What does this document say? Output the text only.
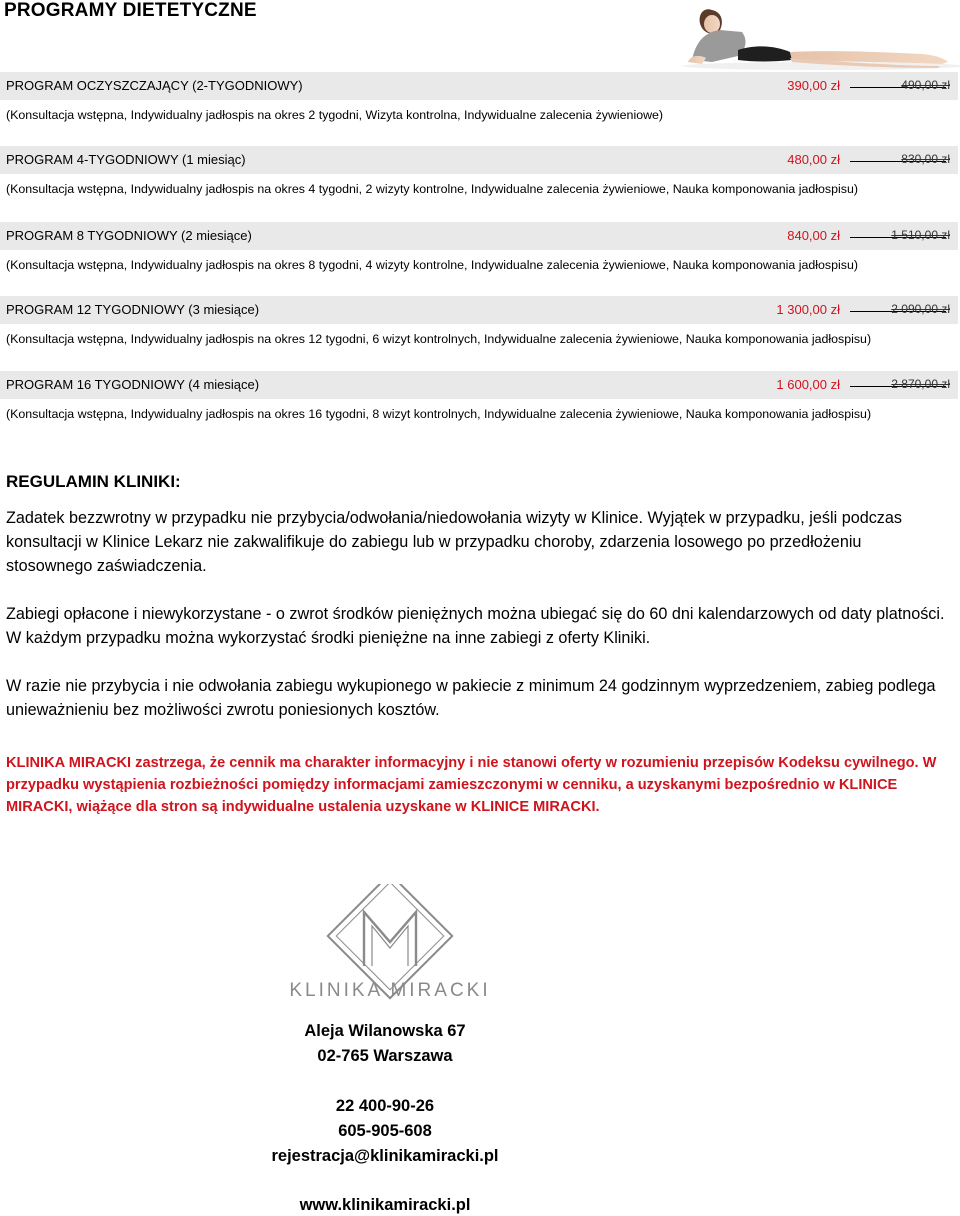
PROGRAMY DIETETYCZNE
PROGRAM OCZYSZCZAJĄCY (2-TYGODNIOWY)	390,00 zł	490,00 zł
(Konsultacja wstępna, Indywidualny jadłospis na okres 2 tygodni, Wizyta kontrolna, Indywidualne zalecenia żywieniowe)
PROGRAM 4-TYGODNIOWY (1 miesiąc)	480,00 zł	830,00 zł
(Konsultacja wstępna, Indywidualny jadłospis na okres 4 tygodni, 2 wizyty kontrolne, Indywidualne zalecenia żywieniowe, Nauka komponowania jadłospisu)
PROGRAM 8 TYGODNIOWY (2 miesiące)	840,00 zł	1 510,00 zł
(Konsultacja wstępna, Indywidualny jadłospis na okres 8 tygodni, 4 wizyty kontrolne, Indywidualne zalecenia żywieniowe, Nauka komponowania jadłospisu)
PROGRAM 12 TYGODNIOWY (3 miesiące)	1 300,00 zł	2 090,00 zł
(Konsultacja wstępna, Indywidualny jadłospis na okres 12 tygodni, 6 wizyt kontrolnych, Indywidualne zalecenia żywieniowe, Nauka komponowania jadłospisu)
PROGRAM 16 TYGODNIOWY (4 miesiące)	1 600,00 zł	2 870,00 zł
(Konsultacja wstępna, Indywidualny jadłospis na okres 16 tygodni, 8 wizyt kontrolnych, Indywidualne zalecenia żywieniowe, Nauka komponowania jadłospisu)
REGULAMIN KLINIKI:
Zadatek bezzwrotny w przypadku nie przybycia/odwołania/niedowołania wizyty w Klinice. Wyjątek w przypadku, jeśli podczas konsultacji w Klinice Lekarz nie zakwalifikuje do zabiegu lub w przypadku choroby, zdarzenia losowego po przedłożeniu stosownego zaświadczenia.
Zabiegi opłacone i niewykorzystane - o zwrot środków pieniężnych można ubiegać się do 60 dni kalendarzowych od daty platności. W każdym przypadku można wykorzystać środki pieniężne na inne zabiegi z oferty Kliniki.
W razie nie przybycia i nie odwołania zabiegu wykupionego w pakiecie z minimum 24 godzinnym wyprzedzeniem, zabieg podlega unieważnieniu bez możliwości zwrotu poniesionych kosztów.
KLINIKA MIRACKI zastrzega, że cennik ma charakter informacyjny i nie stanowi oferty w rozumieniu przepisów Kodeksu cywilnego. W przypadku wystąpienia rozbieżności pomiędzy informacjami zamieszczonymi w cenniku, a uzyskanymi bezpośrednio w KLINICE MIRACKI, wiążące dla stron są indywidualne ustalenia uzyskane w KLINICE MIRACKI.
KLINIKA MIRACKI
Aleja Wilanowska 67
02-765 Warszawa
22 400-90-26
605-905-608
rejestracja@klinikamiracki.pl
www.klinikamiracki.pl
